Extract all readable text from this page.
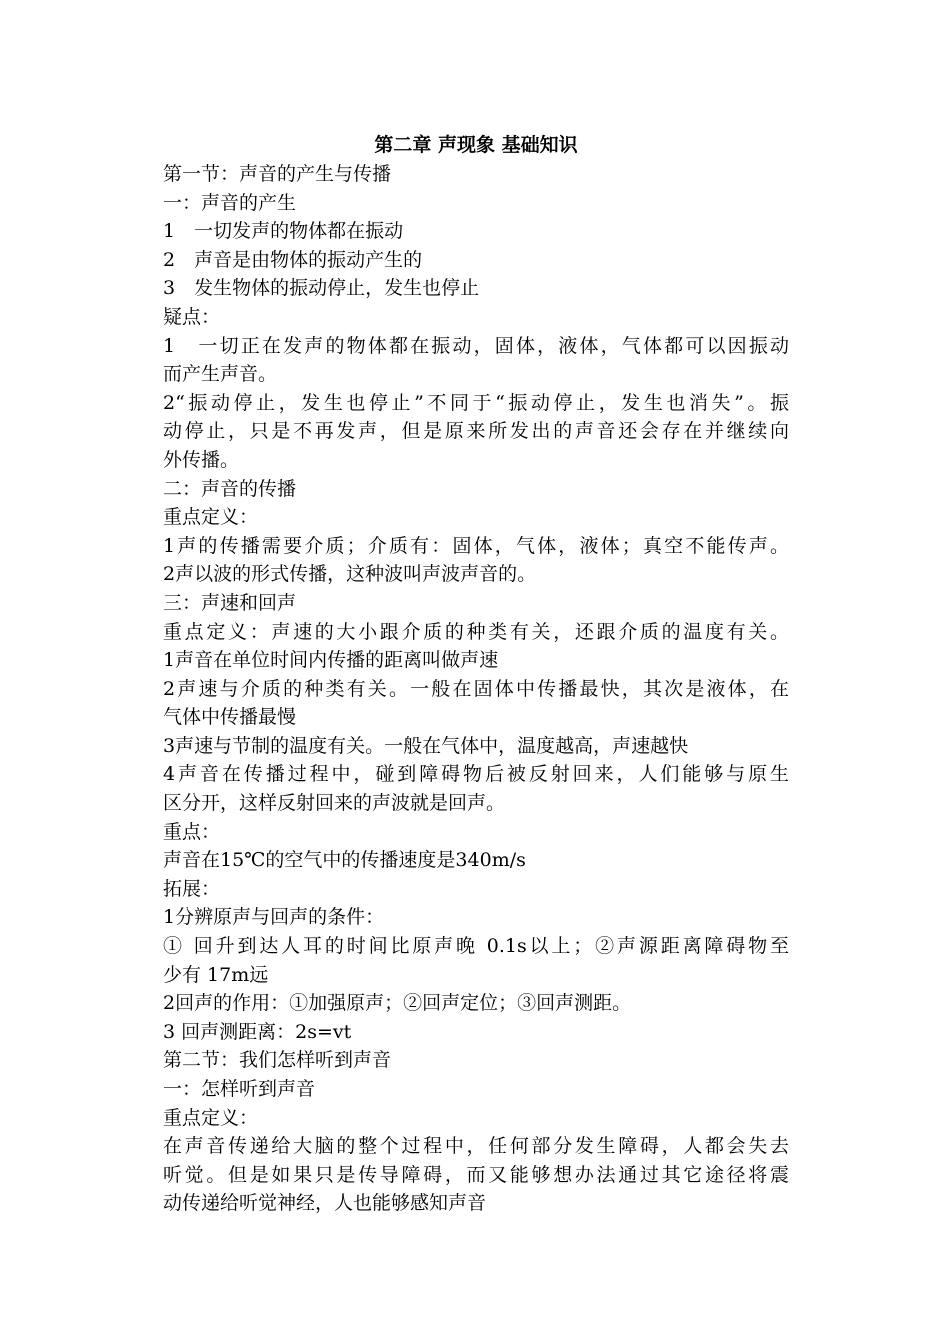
第二章 声现象 基础知识

第一节：声音的产生与传播

一：声音的产生

1　一切发声的物体都在振动

2　声音是由物体的振动产生的

3　发生物体的振动停止，发生也停止

疑点：

1　一切正在发声的物体都在振动，固体，液体，气体都可以因振动

而产生声音。

2“振动停止，发生也停止”不同于“振动停止，发生也消失”。振

动停止，只是不再发声，但是原来所发出的声音还会存在并继续向

外传播。

二：声音的传播

重点定义：

1声的传播需要介质；介质有：固体，气体，液体；真空不能传声。

2声以波的形式传播，这种波叫声波声音的。

三：声速和回声

重点定义：声速的大小跟介质的种类有关，还跟介质的温度有关。

1声音在单位时间内传播的距离叫做声速

2声速与介质的种类有关。一般在固体中传播最快，其次是液体，在

气体中传播最慢

3声速与节制的温度有关。一般在气体中，温度越高，声速越快

4声音在传播过程中，碰到障碍物后被反射回来，人们能够与原生

区分开，这样反射回来的声波就是回声。

重点：

声音在15℃的空气中的传播速度是340m/s

拓展：

1分辨原声与回声的条件：

① 回升到达人耳的时间比原声晚 0.1s以上；②声源距离障碍物至

少有 17m远

2回声的作用：①加强原声；②回声定位；③回声测距。

3 回声测距离：2s=vt

第二节：我们怎样听到声音

一：怎样听到声音

重点定义：

在声音传递给大脑的整个过程中，任何部分发生障碍，人都会失去

听觉。但是如果只是传导障碍，而又能够想办法通过其它途径将震

动传递给听觉神经，人也能够感知声音
